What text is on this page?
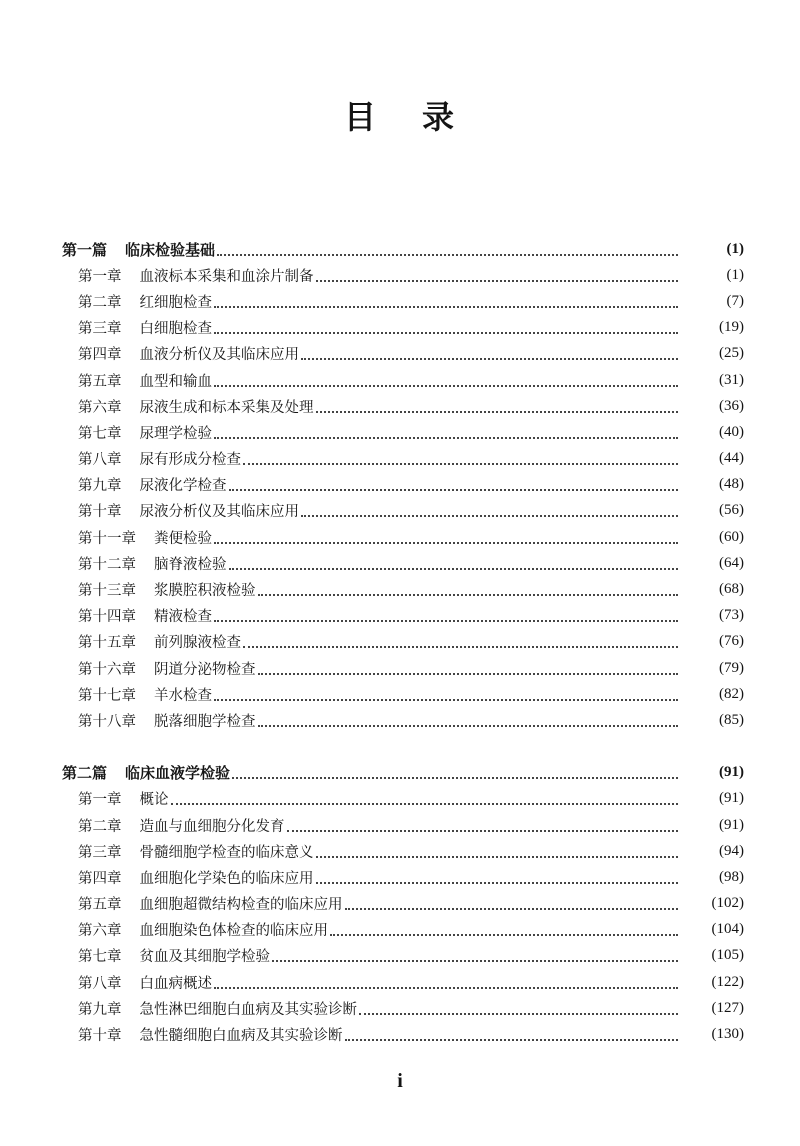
目 录
第一篇 临床检验基础	(1)
第一章 血液标本采集和血涂片制备	(1)
第二章 红细胞检查	(7)
第三章 白细胞检查	(19)
第四章 血液分析仪及其临床应用	(25)
第五章 血型和输血	(31)
第六章 尿液生成和标本采集及处理	(36)
第七章 尿理学检验	(40)
第八章 尿有形成分检查	(44)
第九章 尿液化学检查	(48)
第十章 尿液分析仪及其临床应用	(56)
第十一章 粪便检验	(60)
第十二章 脑脊液检验	(64)
第十三章 浆膜腔积液检验	(68)
第十四章 精液检查	(73)
第十五章 前列腺液检查	(76)
第十六章 阴道分泌物检查	(79)
第十七章 羊水检查	(82)
第十八章 脱落细胞学检查	(85)
第二篇 临床血液学检验	(91)
第一章 概论	(91)
第二章 造血与血细胞分化发育	(91)
第三章 骨髓细胞学检查的临床意义	(94)
第四章 血细胞化学染色的临床应用	(98)
第五章 血细胞超微结构检查的临床应用	(102)
第六章 血细胞染色体检查的临床应用	(104)
第七章 贫血及其细胞学检验	(105)
第八章 白血病概述	(122)
第九章 急性淋巴细胞白血病及其实验诊断	(127)
第十章 急性髓细胞白血病及其实验诊断	(130)
i
